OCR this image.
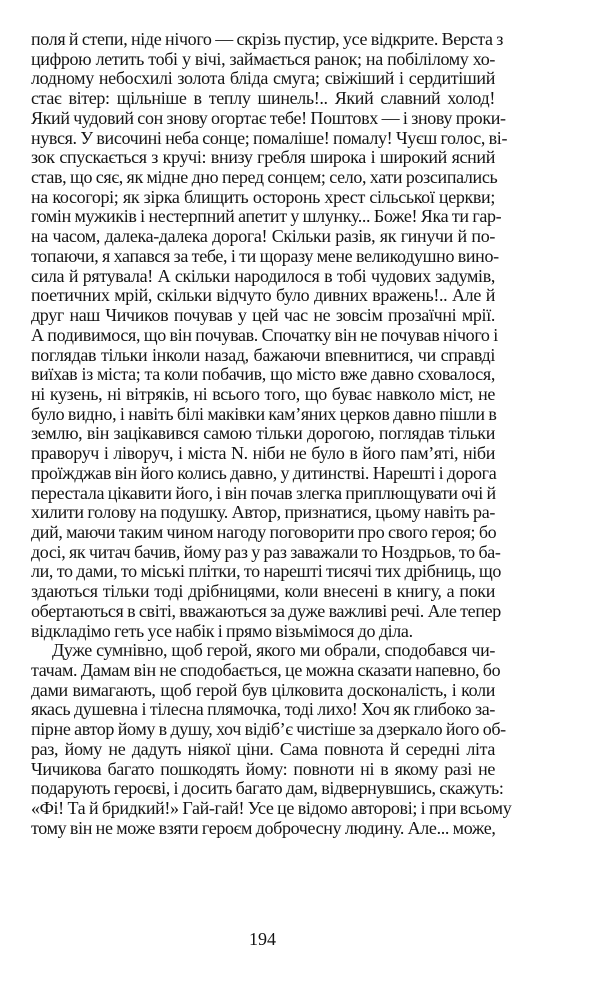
поля й степи, ніде нічого — скрізь пустир, усе відкрите. Верста з
цифрою летить тобі у вічі, займається ранок; на побілілому хо-
лодному небосхилі золота бліда смуга; свіжіший і сердитіший
стає вітер: щільніше в теплу шинель!.. Який славний холод!
Який чудовий сон знову огортає тебе! Поштовх — і знову проки-
нувся. У височині неба сонце; помаліше! помалу! Чуєш голос, ві-
зок спускається з кручі: внизу гребля широка і широкий ясний
став, що сяє, як мідне дно перед сонцем; село, хати розсипались
на косогорі; як зірка блищить осторонь хрест сільської церкви;
гомін мужиків і нестерпний апетит у шлунку... Боже! Яка ти гар-
на часом, далека-далека дорога! Скільки разів, як гинучи й по-
топаючи, я хапався за тебе, і ти щоразу мене великодушно вино-
сила й рятувала! А скільки народилося в тобі чудових задумів,
поетичних мрій, скільки відчуто було дивних вражень!.. Але й
друг наш Чичиков почував у цей час не зовсім прозаїчні мрії.
А подивимося, що він почував. Спочатку він не почував нічого і
поглядав тільки інколи назад, бажаючи впевнитися, чи справді
виїхав із міста; та коли побачив, що місто вже давно сховалося,
ні кузень, ні вітряків, ні всього того, що буває навколо міст, не
було видно, і навіть білі маківки кам’яних церков давно пішли в
землю, він зацікавився самою тільки дорогою, поглядав тільки
праворуч і ліворуч, і міста N. ніби не було в його пам’яті, ніби
проїжджав він його колись давно, у дитинстві. Нарешті і дорога
перестала цікавити його, і він почав злегка приплющувати очі й
хилити голову на подушку. Автор, признатися, цьому навіть ра-
дий, маючи таким чином нагоду поговорити про свого героя; бо
досі, як читач бачив, йому раз у раз заважали то Ноздрьов, то ба-
ли, то дами, то міські плітки, то нарешті тисячі тих дрібниць, що
здаються тільки тоді дрібницями, коли внесені в книгу, а поки
обертаються в світі, вважаються за дуже важливі речі. Але тепер
відкладімо геть усе набік і прямо візьмімося до діла.
Дуже сумнівно, щоб герой, якого ми обрали, сподобався чи-
тачам. Дамам він не сподобається, це можна сказати напевно, бо
дами вимагають, щоб герой був цілковита досконалість, і коли
якась душевна і тілесна плямочка, тоді лихо! Хоч як глибоко за-
пірне автор йому в душу, хоч відіб’є чистіше за дзеркало його об-
раз, йому не дадуть ніякої ціни. Сама повнота й середні літа
Чичикова багато пошкодять йому: повноти ні в якому разі не
подарують героєві, і досить багато дам, відвернувшись, скажуть:
«Фі! Та й бридкий!» Гай-гай! Усе це відомо авторові; і при всьому
тому він не може взяти героєм доброчесну людину. Але... може,
194
